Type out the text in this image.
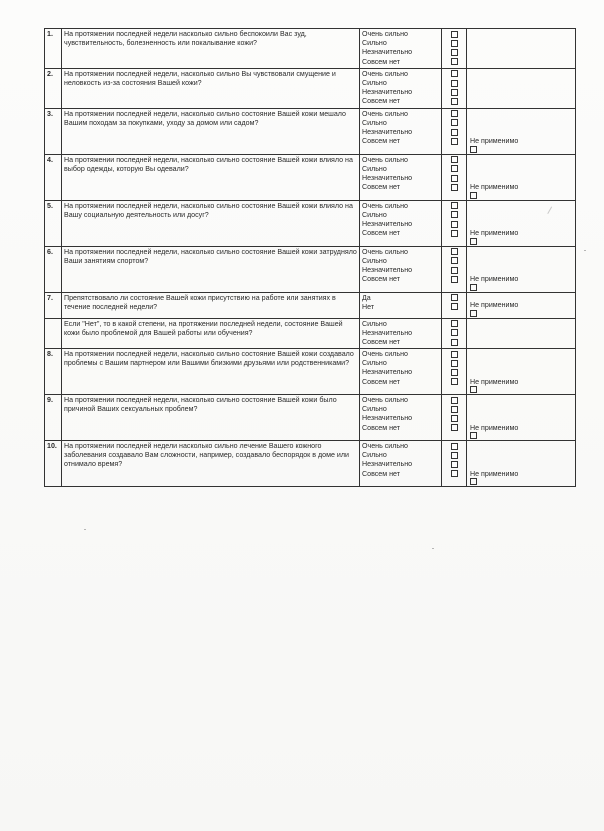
1.	На протяжении последней недели насколько сильно беспокоили Вас зуд, чувствительность, болезненность или покалывание кожи?	Очень сильно
Сильно
Незначительно
Совсем нет		

2.	На протяжении последней недели, насколько сильно Вы чувствовали смущение и неловкость из-за состояния Вашей кожи?	Очень сильно
Сильно
Незначительно
Совсем нет		

3.	На протяжении последней недели, насколько сильно состояние Вашей кожи мешало Вашим походам за покупками, уходу за домом или садом?	Очень сильно
Сильно
Незначительно
Совсем нет		Не применимо

4.	На протяжении последней недели, насколько сильно состояние Вашей кожи влияло на выбор одежды, которую Вы одевали?	Очень сильно
Сильно
Незначительно
Совсем нет		Не применимо

5.	На протяжении последней недели, насколько сильно состояние Вашей кожи влияло на Вашу социальную деятельность или досуг?	Очень сильно
Сильно
Незначительно
Совсем нет		Не применимо

6.	На протяжении последней недели, насколько сильно состояние Вашей кожи затрудняло Ваши занятиям спортом?	Очень сильно
Сильно
Незначительно
Совсем нет		Не применимо

7.	Препятствовало ли состояние Вашей кожи присутствию на работе или занятиях в течение последней недели?	Да
Нет		Не применимо

	Если "Нет", то в какой степени, на протяжении последней недели, состояние Вашей кожи было проблемой для Вашей работы или обучения?	Сильно
Незначительно
Совсем нет		

8.	На протяжении последней недели, насколько сильно состояние Вашей кожи создавало проблемы с Вашим партнером или Вашими близкими друзьями или родственниками?	Очень сильно
Сильно
Незначительно
Совсем нет		Не применимо

9.	На протяжении последней недели, насколько сильно состояние Вашей кожи было причиной Ваших сексуальных проблем?	Очень сильно
Сильно
Незначительно
Совсем нет		Не применимо

10.	На протяжении последней недели насколько сильно лечение Вашего кожного заболевания создавало Вам сложности, например, создавало беспорядок в доме или отнимало время?	Очень сильно
Сильно
Незначительно
Совсем нет		Не применимо
